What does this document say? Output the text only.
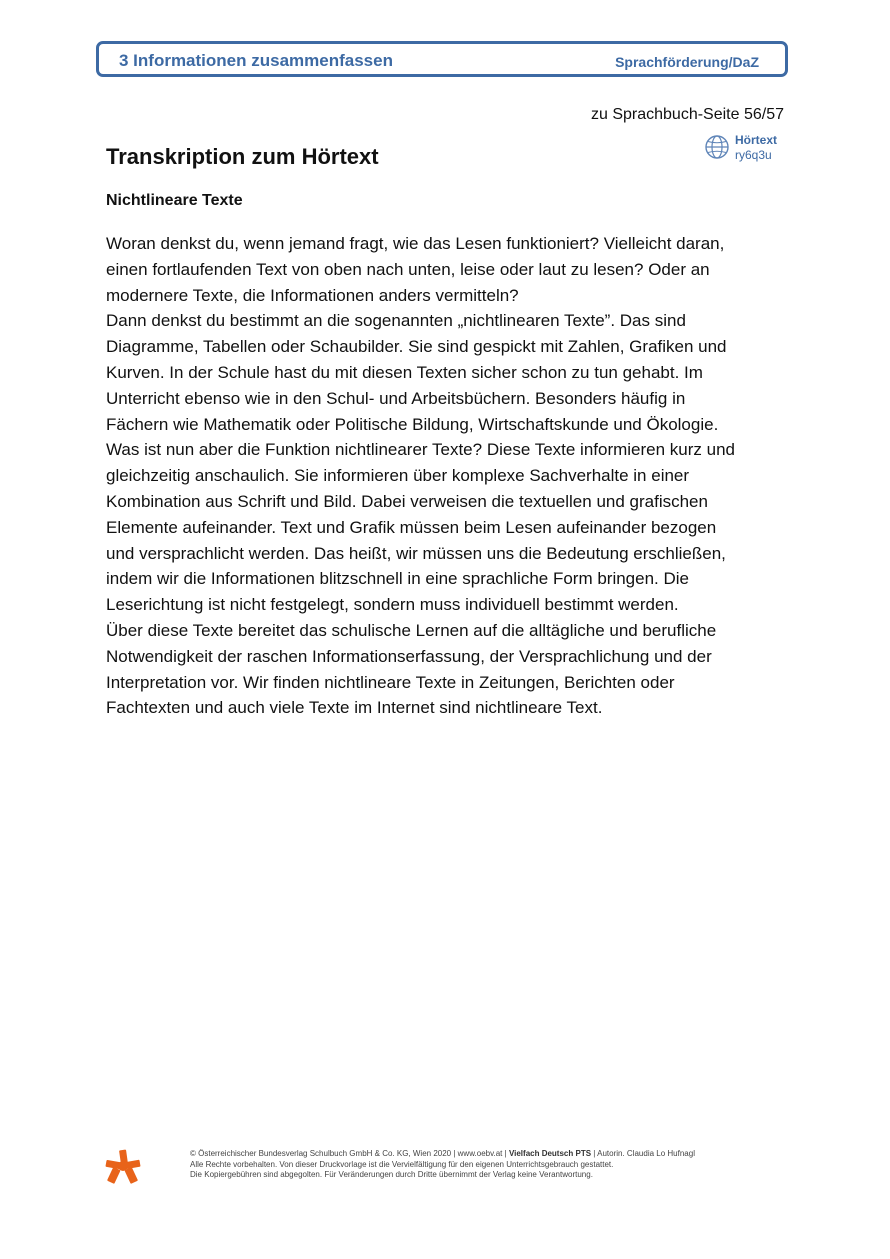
3 Informationen zusammenfassen	Sprachförderung/DaZ
zu Sprachbuch-Seite 56/57
Hörtext
ry6q3u
Transkription zum Hörtext
Nichtlineare Texte
Woran denkst du, wenn jemand fragt, wie das Lesen funktioniert? Vielleicht daran,
einen fortlaufenden Text von oben nach unten, leise oder laut zu lesen? Oder an
modernere Texte, die Informationen anders vermitteln?
Dann denkst du bestimmt an die sogenannten „nichtlinearen Texte”. Das sind
Diagramme, Tabellen oder Schaubilder. Sie sind gespickt mit Zahlen, Grafiken und
Kurven. In der Schule hast du mit diesen Texten sicher schon zu tun gehabt. Im
Unterricht ebenso wie in den Schul- und Arbeitsbüchern. Besonders häufig in
Fächern wie Mathematik oder Politische Bildung, Wirtschaftskunde und Ökologie.
Was ist nun aber die Funktion nichtlinearer Texte? Diese Texte informieren kurz und
gleichzeitig anschaulich. Sie informieren über komplexe Sachverhalte in einer
Kombination aus Schrift und Bild. Dabei verweisen die textuellen und grafischen
Elemente aufeinander. Text und Grafik müssen beim Lesen aufeinander bezogen
und versprachlicht werden. Das heißt, wir müssen uns die Bedeutung erschließen,
indem wir die Informationen blitzschnell in eine sprachliche Form bringen. Die
Leserichtung ist nicht festgelegt, sondern muss individuell bestimmt werden.
Über diese Texte bereitet das schulische Lernen auf die alltägliche und berufliche
Notwendigkeit der raschen Informationserfassung, der Versprachlichung und der
Interpretation vor. Wir finden nichtlineare Texte in Zeitungen, Berichten oder
Fachtexten und auch viele Texte im Internet sind nichtlineare Text.
© Österreichischer Bundesverlag Schulbuch GmbH & Co. KG, Wien 2020 | www.oebv.at | Vielfach Deutsch PTS | Autorin. Claudia Lo Hufnagl
Alle Rechte vorbehalten. Von dieser Druckvorlage ist die Vervielfältigung für den eigenen Unterrichtsgebrauch gestattet.
Die Kopiergebühren sind abgegolten. Für Veränderungen durch Dritte übernimmt der Verlag keine Verantwortung.
